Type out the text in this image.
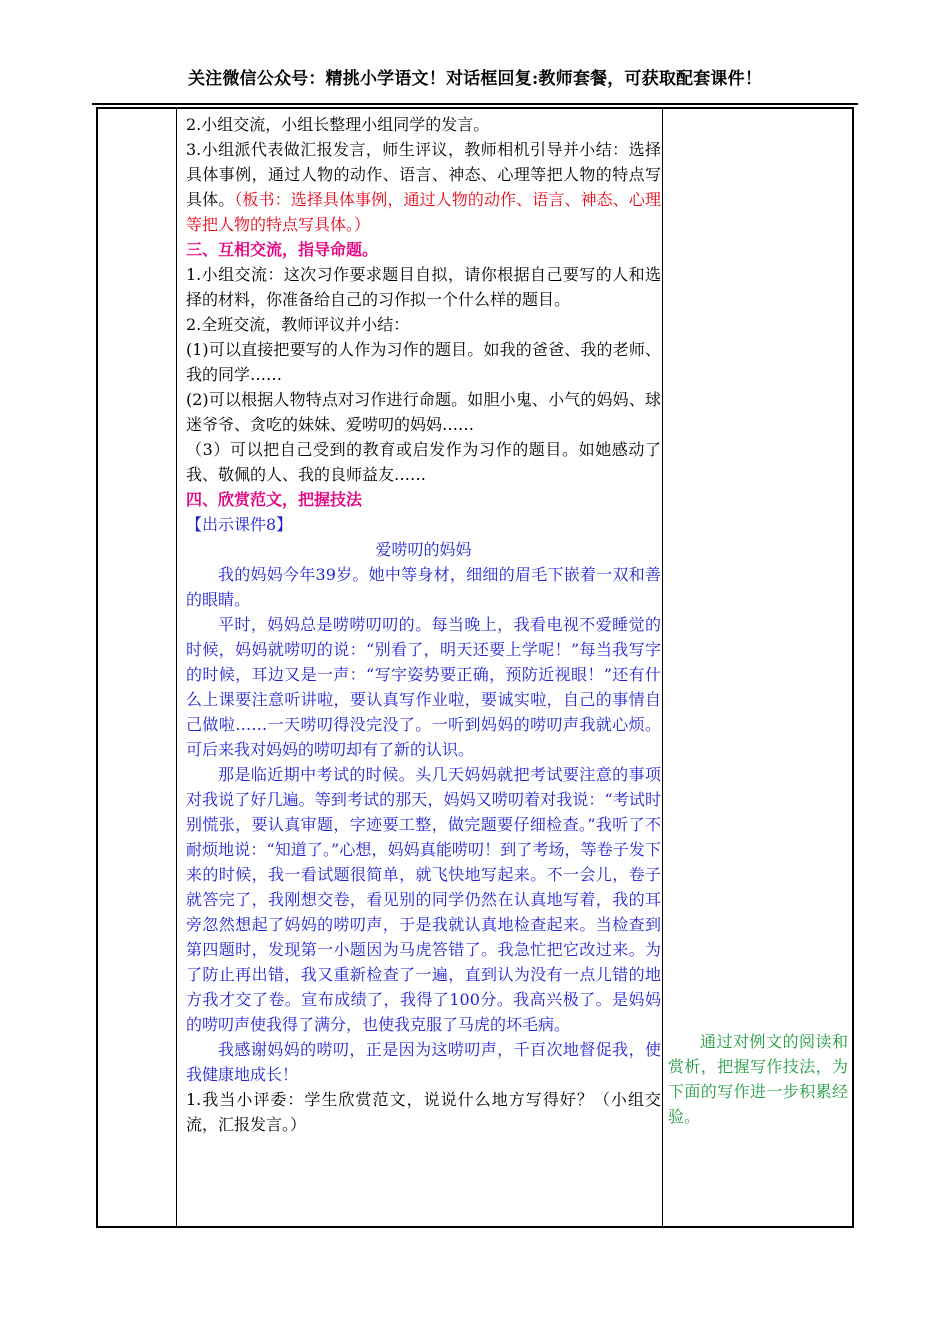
关注微信公众号：精挑小学语文！对话框回复:教师套餐，可获取配套课件！

2.小组交流，小组长整理小组同学的发言。

3.小组派代表做汇报发言，师生评议，教师相机引导并小结：选择具体事例，通过人物的动作、语言、神态、心理等把人物的特点写具体。（板书：选择具体事例，通过人物的动作、语言、神态、心理等把人物的特点写具体。）

三、互相交流，指导命题。

1.小组交流：这次习作要求题目自拟，请你根据自己要写的人和选择的材料，你准备给自己的习作拟一个什么样的题目。

2.全班交流，教师评议并小结：

(1)可以直接把要写的人作为习作的题目。如我的爸爸、我的老师、我的同学……

(2)可以根据人物特点对习作进行命题。如胆小鬼、小气的妈妈、球迷爷爷、贪吃的妹妹、爱唠叨的妈妈……

（3）可以把自己受到的教育或启发作为习作的题目。如她感动了我、敬佩的人、我的良师益友……

四、欣赏范文，把握技法

【出示课件8】

爱唠叨的妈妈

我的妈妈今年39岁。她中等身材，细细的眉毛下嵌着一双和善的眼睛。

平时，妈妈总是唠唠叨叨的。每当晚上，我看电视不爱睡觉的时候，妈妈就唠叨的说：“别看了，明天还要上学呢！”每当我写字的时候，耳边又是一声：“写字姿势要正确，预防近视眼！”还有什么上课要注意听讲啦，要认真写作业啦，要诚实啦，自己的事情自己做啦……一天唠叨得没完没了。一听到妈妈的唠叨声我就心烦。可后来我对妈妈的唠叨却有了新的认识。

那是临近期中考试的时候。头几天妈妈就把考试要注意的事项对我说了好几遍。等到考试的那天，妈妈又唠叨着对我说：“考试时别慌张，要认真审题，字迹要工整，做完题要仔细检查。”我听了不耐烦地说：“知道了。”心想，妈妈真能唠叨！到了考场，等卷子发下来的时候，我一看试题很简单，就飞快地写起来。不一会儿，卷子就答完了，我刚想交卷，看见别的同学仍然在认真地写着，我的耳旁忽然想起了妈妈的唠叨声，于是我就认真地检查起来。当检查到第四题时，发现第一小题因为马虎答错了。我急忙把它改过来。为了防止再出错，我又重新检查了一遍，直到认为没有一点儿错的地方我才交了卷。宣布成绩了，我得了100分。我高兴极了。是妈妈的唠叨声使我得了满分，也使我克服了马虎的坏毛病。

我感谢妈妈的唠叨，正是因为这唠叨声，千百次地督促我，使我健康地成长！

1.我当小评委：学生欣赏范文，说说什么地方写得好？（小组交流，汇报发言。）

通过对例文的阅读和赏析，把握写作技法，为下面的写作进一步积累经验。
